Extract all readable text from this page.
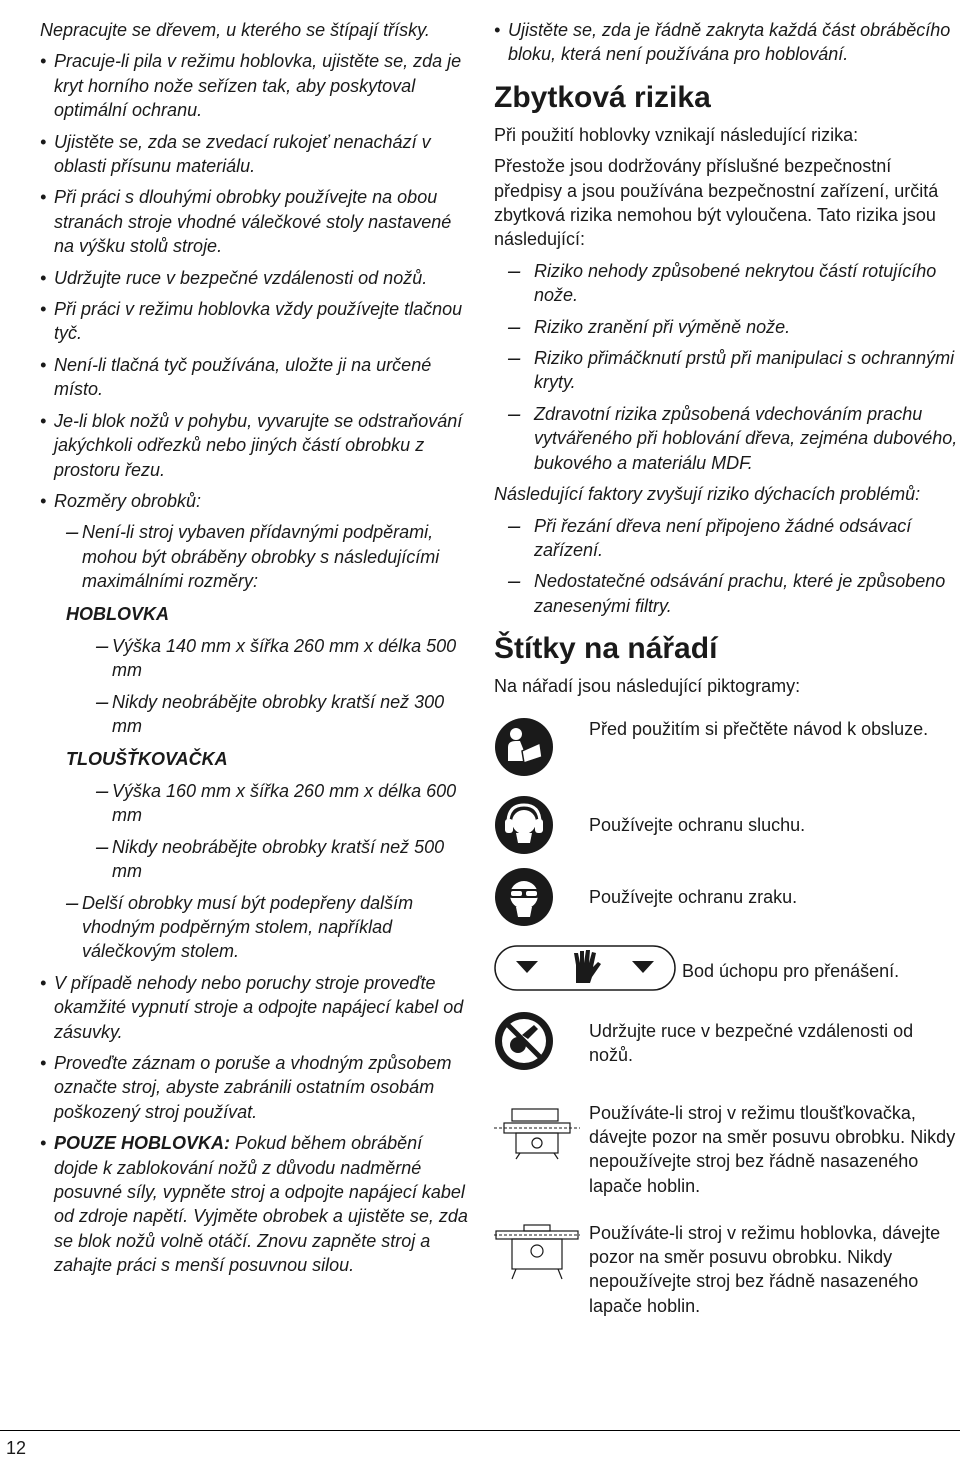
Nepracujte se dřevem, u kterého se štípají třísky.
• Pracuje-li pila v režimu hoblovka, ujistěte se, zda je kryt horního nože seřízen tak, aby poskytoval optimální ochranu.
• Ujistěte se, zda se zvedací rukojeť nenachází v oblasti přísunu materiálu.
• Při práci s dlouhými obrobky používejte na obou stranách stroje vhodné válečkové stoly nastavené na výšku stolů stroje.
• Udržujte ruce v bezpečné vzdálenosti od nožů.
• Při práci v režimu hoblovka vždy používejte tlačnou tyč.
• Není-li tlačná tyč používána, uložte ji na určené místo.
• Je-li blok nožů v pohybu, vyvarujte se odstraňování jakýchkoli odřezků nebo jiných částí obrobku z prostoru řezu.
• Rozměry obrobků:
– Není-li stroj vybaven přídavnými podpěrami, mohou být obráběny obrobky s následujícími maximálními rozměry:
HOBLOVKA
– Výška 140 mm x šířka 260 mm x délka 500 mm
– Nikdy neobrábějte obrobky kratší než 300 mm
TLOUŠŤKOVAČKA
– Výška 160 mm x šířka 260 mm x délka 600 mm
– Nikdy neobrábějte obrobky kratší než 500 mm
– Delší obrobky musí být podepřeny dalším vhodným podpěrným stolem, například válečkovým stolem.
• V případě nehody nebo poruchy stroje proveďte okamžité vypnutí stroje a odpojte napájecí kabel od zásuvky.
• Proveďte záznam o poruše a vhodným způsobem označte stroj, abyste zabránili ostatním osobám poškozený stroj používat.
• POUZE HOBLOVKA: Pokud během obrábění dojde k zablokování nožů z důvodu nadměrné posuvné síly, vypněte stroj a odpojte napájecí kabel od zdroje napětí. Vyjměte obrobek a ujistěte se, zda se blok nožů volně otáčí. Znovu zapněte stroj a zahajte práci s menší posuvnou silou.
• Ujistěte se, zda je řádně zakryta každá část obráběcího bloku, která není používána pro hoblování.
Zbytková rizika
Při použití hoblovky vznikají následující rizika:
Přestože jsou dodržovány příslušné bezpečnostní předpisy a jsou používána bezpečnostní zařízení, určitá zbytková rizika nemohou být vyloučena. Tato rizika jsou následující:
– Riziko nehody způsobené nekrytou částí rotujícího nože.
– Riziko zranění při výměně nože.
– Riziko přimáčknutí prstů při manipulaci s ochrannými kryty.
– Zdravotní rizika způsobená vdechováním prachu vytvářeného při hoblování dřeva, zejména dubového, bukového a materiálu MDF.
Následující faktory zvyšují riziko dýchacích problémů:
– Při řezání dřeva není připojeno žádné odsávací zařízení.
– Nedostatečné odsávání prachu, které je způsobeno zanesenými filtry.
Štítky na nářadí
Na nářadí jsou následující piktogramy:
Před použitím si přečtěte návod k obsluze.
Používejte ochranu sluchu.
Používejte ochranu zraku.
Bod úchopu pro přenášení.
Udržujte ruce v bezpečné vzdálenosti od nožů.
Používáte-li stroj v režimu tloušťkovačka, dávejte pozor na směr posuvu obrobku. Nikdy nepoužívejte stroj bez řádně nasazeného lapače hoblin.
Používáte-li stroj v režimu hoblovka, dávejte pozor na směr posuvu obrobku. Nikdy nepoužívejte stroj bez řádně nasazeného lapače hoblin.
12
